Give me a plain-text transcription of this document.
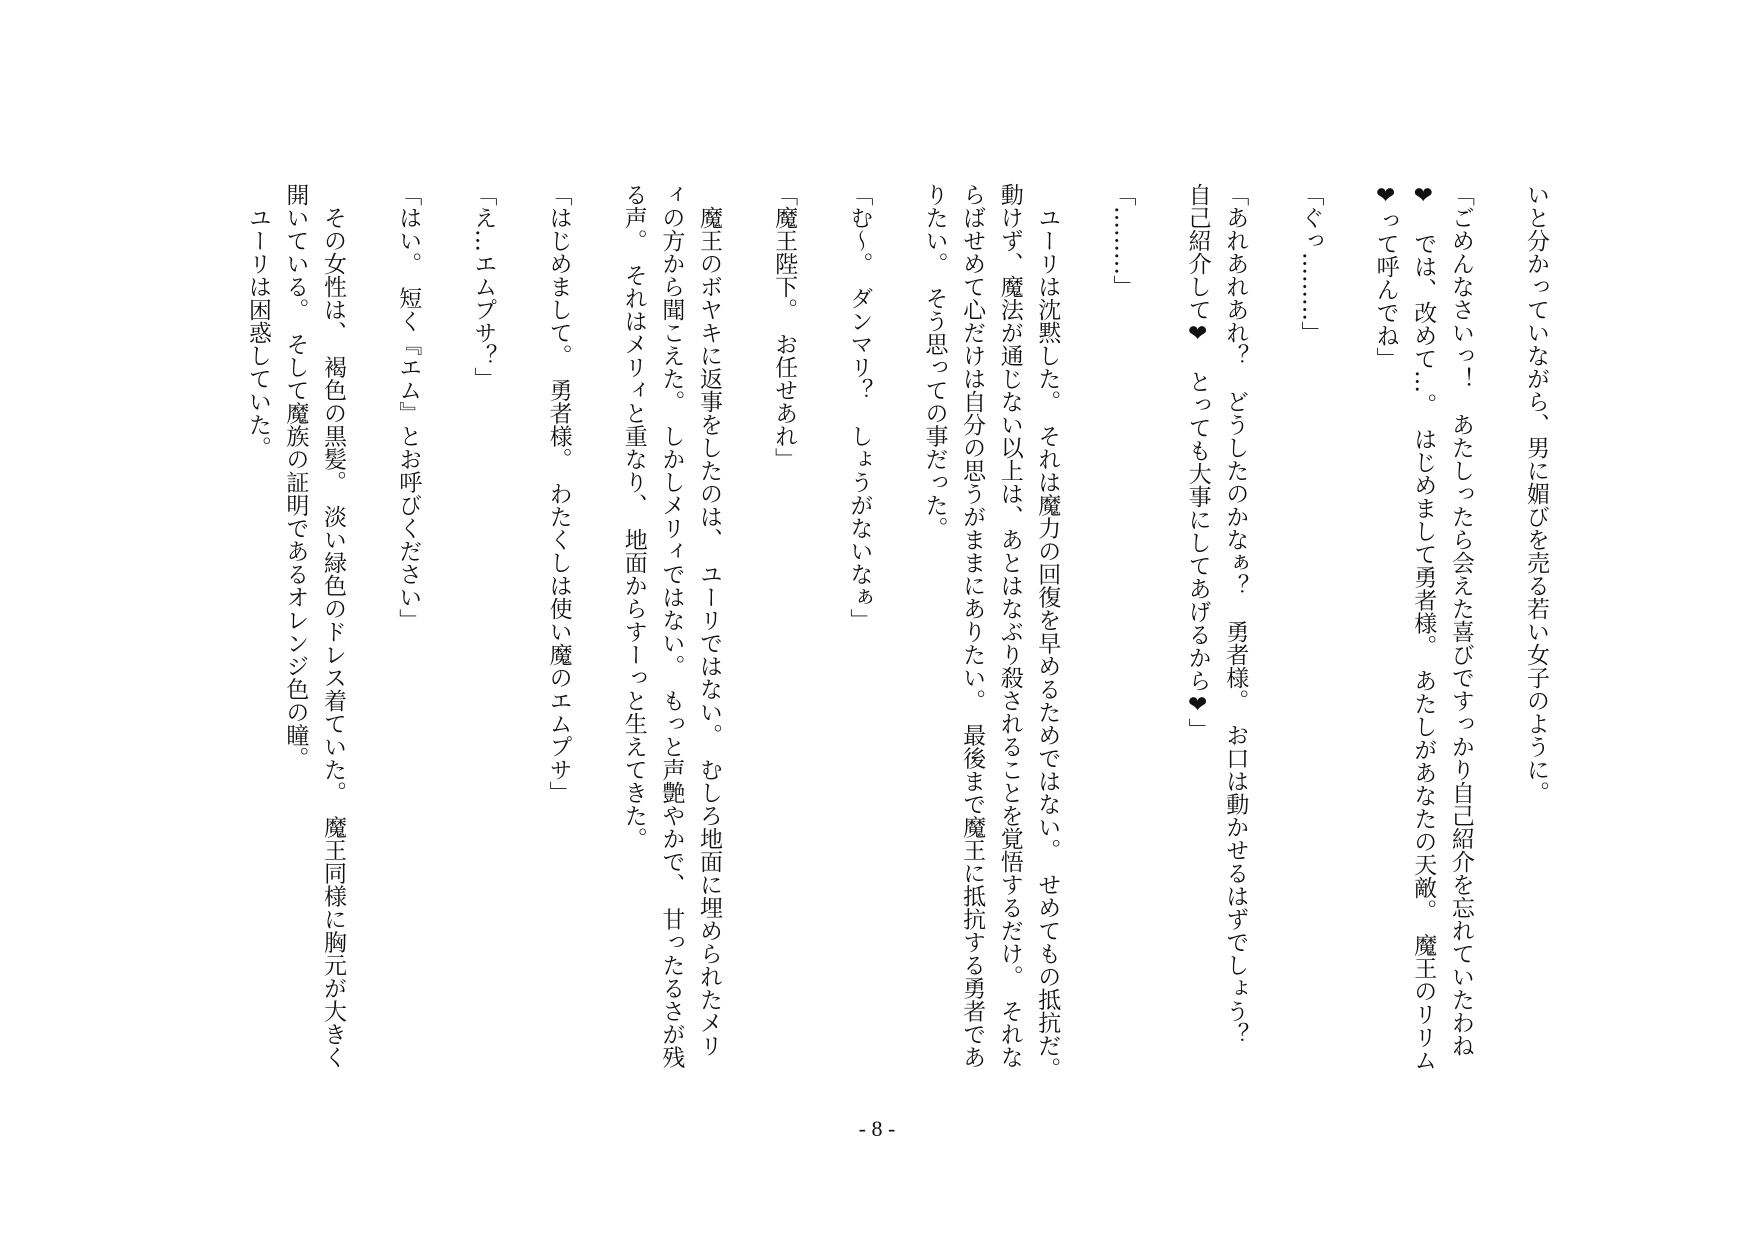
いと分かっていながら、男に媚びを売る若い女子のように。

「ごめんなさいっ！　あたしったら会えた喜びですっかり自己紹介を忘れていたわね❤　では、改めて…。　はじめまして勇者様。　あたしがあなたの天敵。　魔王のリリム❤って呼んでね」

「ぐっ………」

「あれあれあれ？　どうしたのかなぁ？　勇者様。　お口は動かせるはずでしょう？　自己紹介して❤　とっても大事にしてあげるから❤」

「………」

　ユーリは沈黙した。　それは魔力の回復を早めるためではない。　せめてもの抵抗だ。　動けず、魔法が通じない以上は、あとはなぶり殺されることを覚悟するだけ。　それならばせめて心だけは自分の思うがままにありたい。　最後まで魔王に抵抗する勇者でありたい。　そう思っての事だった。

「む〜。　ダンマリ？　しょうがないなぁ」

「魔王陛下。　お任せあれ」

　魔王のボヤキに返事をしたのは、　ユーリではない。　むしろ地面に埋められたメリィの方から聞こえた。　しかしメリィではない。　もっと声艶やかで、　甘ったるさが残る声。　それはメリィと重なり、　地面からすーっと生えてきた。

「はじめまして。　勇者様。　わたくしは使い魔のエムプサ」

「え…エムプサ？」

「はい。　短く『エム』とお呼びください」

　その女性は、　褐色の黒髪。　淡い緑色のドレス着ていた。　魔王同様に胸元が大きく開いている。　そして魔族の証明であるオレンジ色の瞳。

　ユーリは困惑していた。

- 8 -
